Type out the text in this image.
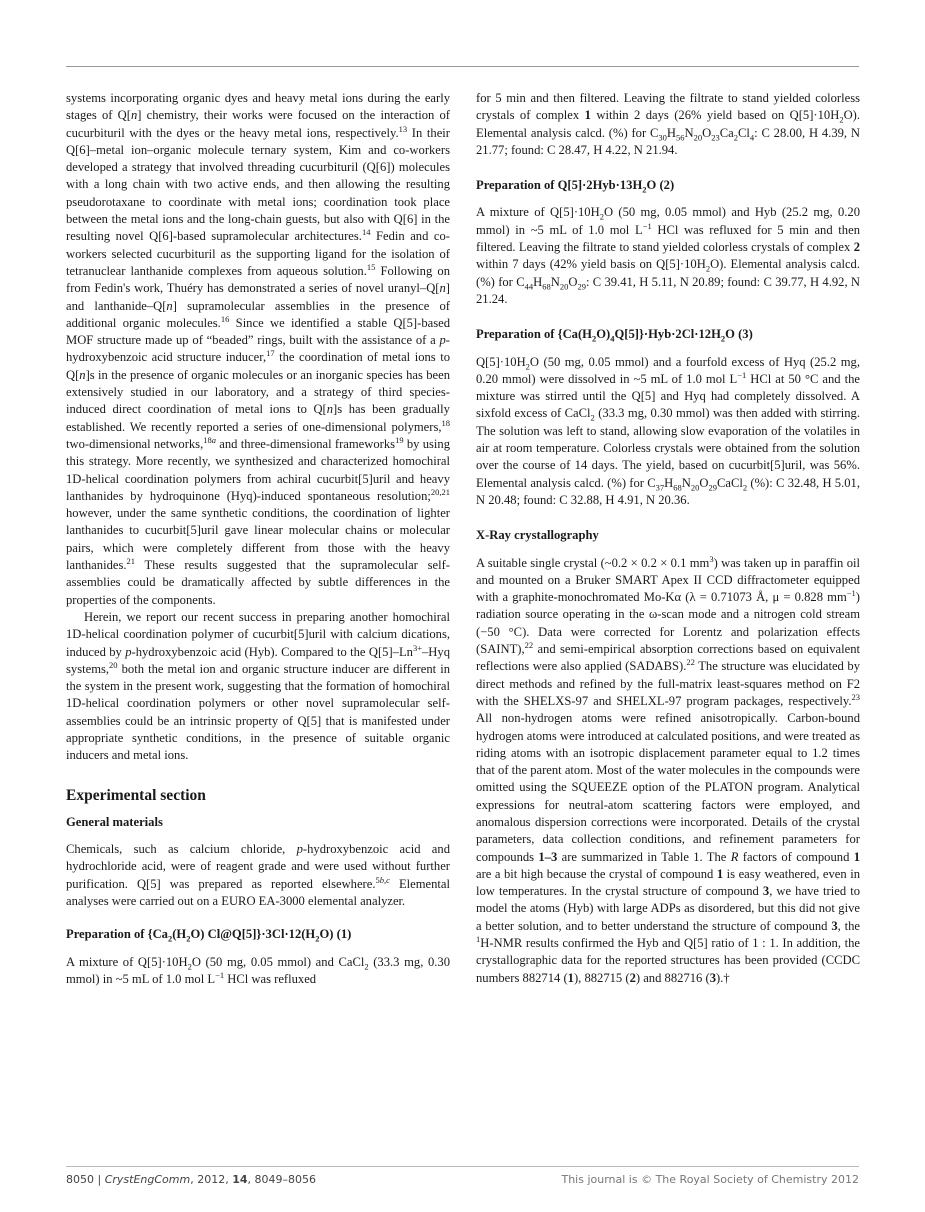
systems incorporating organic dyes and heavy metal ions during the early stages of Q[n] chemistry, their works were focused on the interaction of cucurbituril with the dyes or the heavy metal ions, respectively.$^{13}$ In their Q[6]–metal ion–organic molecule ternary system, Kim and co-workers developed a strategy that involved threading cucurbituril (Q[6]) molecules with a long chain with two active ends, and then allowing the resulting pseudorotaxane to coordinate with metal ions; coordination took place between the metal ions and the long-chain guests, but also with Q[6] in the resulting novel Q[6]-based supramolecular architectures.$^{14}$ Fedin and co-workers selected cucurbituril as the supporting ligand for the isolation of tetranuclear lanthanide complexes from aqueous solution.$^{15}$ Following on from Fedin's work, Thuéry has demonstrated a series of novel uranyl–Q[n] and lanthanide–Q[n] supramolecular assemblies in the presence of additional organic molecules.$^{16}$ Since we identified a stable Q[5]-based MOF structure made up of “beaded” rings, built with the assistance of a p-hydroxybenzoic acid structure inducer,$^{17}$ the coordination of metal ions to Q[n]s in the presence of organic molecules or an inorganic species has been extensively studied in our laboratory, and a strategy of third species-induced direct coordination of metal ions to Q[n]s has been gradually established. We recently reported a series of one-dimensional polymers,$^{18}$ two-dimensional networks,$^{18a}$ and three-dimensional frameworks$^{19}$ by using this strategy. More recently, we synthesized and characterized homochiral 1D-helical coordination polymers from achiral cucurbit[5]uril and heavy lanthanides by hydroquinone (Hyq)-induced spontaneous resolution;$^{20,21}$ however, under the same synthetic conditions, the coordination of lighter lanthanides to cucurbit[5]uril gave linear molecular chains or molecular pairs, which were completely different from those with the heavy lanthanides.$^{21}$ These results suggested that the supramolecular self-assemblies could be dramatically affected by subtle differences in the properties of the components.

Herein, we report our recent success in preparing another homochiral 1D-helical coordination polymer of cucurbit[5]uril with calcium dications, induced by p-hydroxybenzoic acid (Hyb). Compared to the $Q[5]-Ln^{3+}$–Hyq systems,$^{20}$ both the metal ion and organic structure inducer are different in the system in the present work, suggesting that the formation of homochiral 1D-helical coordination polymers or other novel supramolecular self-assemblies could be an intrinsic property of Q[5] that is manifested under appropriate synthetic conditions, in the presence of suitable organic inducers and metal ions.

Experimental section
General materials

Chemicals, such as calcium chloride, p-hydroxybenzoic acid and hydrochloride acid, were of reagent grade and were used without further purification. Q[5] was prepared as reported elsewhere.$^{5b,c}$ Elemental analyses were carried out on a EURO EA-3000 elemental analyzer.

Preparation of {$Ca_2(H_2O)$ $Cl@Q[5]\}\cdot 3Cl\cdot 12(H_2O)$ (1)

A mixture of $Q[5]\cdot 10H_2O$ (50 mg, 0.05 mmol) and CaCl$_2$ (33.3 mg, 0.30 mmol) in ~5 mL of 1.0 mol $L^{-1}$ HCl was refluxed

for 5 min and then filtered. Leaving the filtrate to stand yielded colorless crystals of complex 1 within 2 days (26% yield based on $Q[5]\cdot 10H_2O$). Elemental analysis calcd. (%) for $C_{30}H_{56}N_{20}O_{23}Ca_2Cl_4$: C 28.00, H 4.39, N 21.77; found: C 28.47, H 4.22, N 21.94.

Preparation of $Q[5]\cdot 2Hyb\cdot 13H_2O$ (2)

A mixture of $Q[5]\cdot 10H_2O$ (50 mg, 0.05 mmol) and Hyb (25.2 mg, 0.20 mmol) in ~5 mL of 1.0 mol $L^{-1}$ HCl was refluxed for 5 min and then filtered. Leaving the filtrate to stand yielded colorless crystals of complex 2 within 7 days (42% yield basis on $Q[5]\cdot 10H_2O$). Elemental analysis calcd. (%) for $C_{44}H_{68}N_{20}O_{29}$: C 39.41, H 5.11, N 20.89; found: C 39.77, H 4.92, N 21.24.

Preparation of $\{Ca(H_2O)_4Q[5]\}\cdot Hyb\cdot 2Cl\cdot 12H_2O$ (3)

$Q[5]\cdot 10H_2O$ (50 mg, 0.05 mmol) and a fourfold excess of Hyq (25.2 mg, 0.20 mmol) were dissolved in ~5 mL of 1.0 mol $L^{-1}$ HCl at 50 °C and the mixture was stirred until the Q[5] and Hyq had completely dissolved. A sixfold excess of CaCl$_2$ (33.3 mg, 0.30 mmol) was then added with stirring. The solution was left to stand, allowing slow evaporation of the volatiles in air at room temperature. Colorless crystals were obtained from the solution over the course of 14 days. The yield, based on cucurbit[5]uril, was 56%. Elemental analysis calcd. (%) for $C_{37}H_{68}N_{20}O_{29}CaCl_2$ (%): C 32.48, H 5.01, N 20.48; found: C 32.88, H 4.91, N 20.36.

X-Ray crystallography

A suitable single crystal (~0.2 × 0.2 × 0.1 $mm^3$) was taken up in paraffin oil and mounted on a Bruker SMART Apex II CCD diffractometer equipped with a graphite-monochromated Mo-Kα (λ = 0.71073 Å, μ = 0.828 $mm^{-1}$) radiation source operating in the ω-scan mode and a nitrogen cold stream (−50 °C). Data were corrected for Lorentz and polarization effects (SAINT),$^{22}$ and semi-empirical absorption corrections based on equivalent reflections were also applied (SADABS).$^{22}$ The structure was elucidated by direct methods and refined by the full-matrix least-squares method on F2 with the SHELXS-97 and SHELXL-97 program packages, respectively.$^{23}$ All non-hydrogen atoms were refined anisotropically. Carbon-bound hydrogen atoms were introduced at calculated positions, and were treated as riding atoms with an isotropic displacement parameter equal to 1.2 times that of the parent atom. Most of the water molecules in the compounds were omitted using the SQUEEZE option of the PLATON program. Analytical expressions for neutral-atom scattering factors were employed, and anomalous dispersion corrections were incorporated. Details of the crystal parameters, data collection conditions, and refinement parameters for compounds 1–3 are summarized in Table 1. The R factors of compound 1 are a bit high because the crystal of compound 1 is easy weathered, even in low temperatures. In the crystal structure of compound 3, we have tried to model the atoms (Hyb) with large ADPs as disordered, but this did not give a better solution, and to better understand the structure of compound 3, the $^1$H-NMR results confirmed the Hyb and Q[5] ratio of 1 : 1. In addition, the crystallographic data for the reported structures has been provided (CCDC numbers 882714 (1), 882715 (2) and 882716 (3).†

8050 | CrystEngComm, 2012, 14, 8049–8056	This journal is © The Royal Society of Chemistry 2012
